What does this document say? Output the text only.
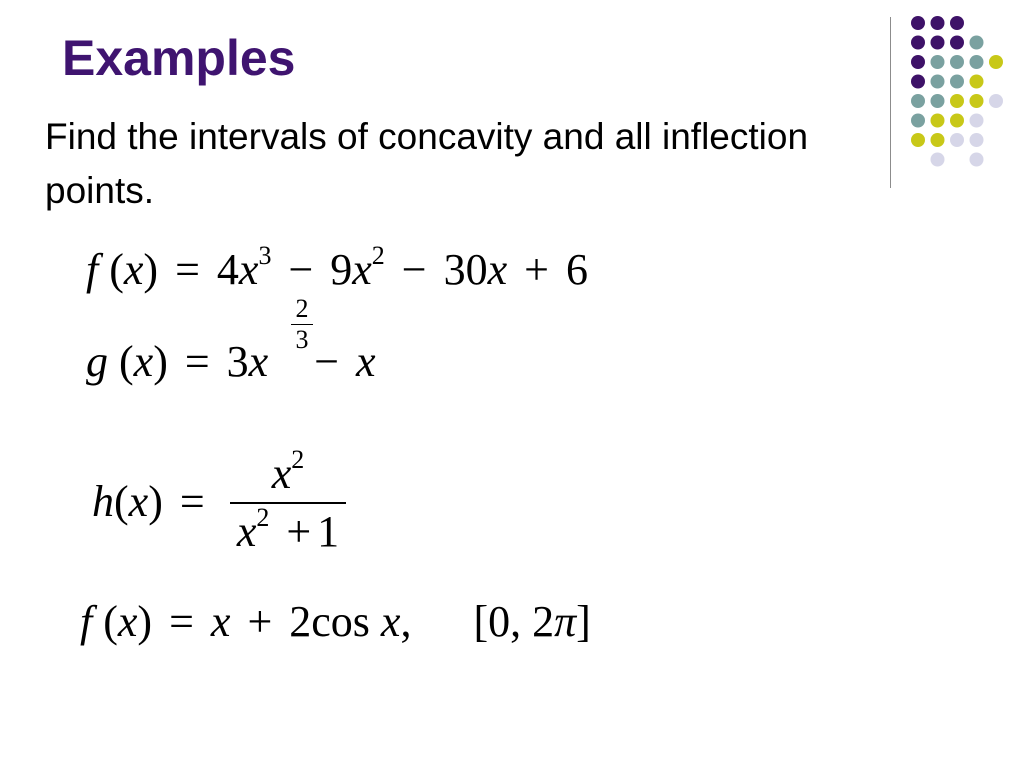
Examples
Find the intervals of concavity and all inflection points.
f $(x) = 4x^3 - 9x^2 - 30x + 6$
g (x) = 3x
$\frac{2}{3}$
− x
h(x) =
$x^2$
$x^2 + 1$
f (x) = x + 2cos x, [0, 2π]
